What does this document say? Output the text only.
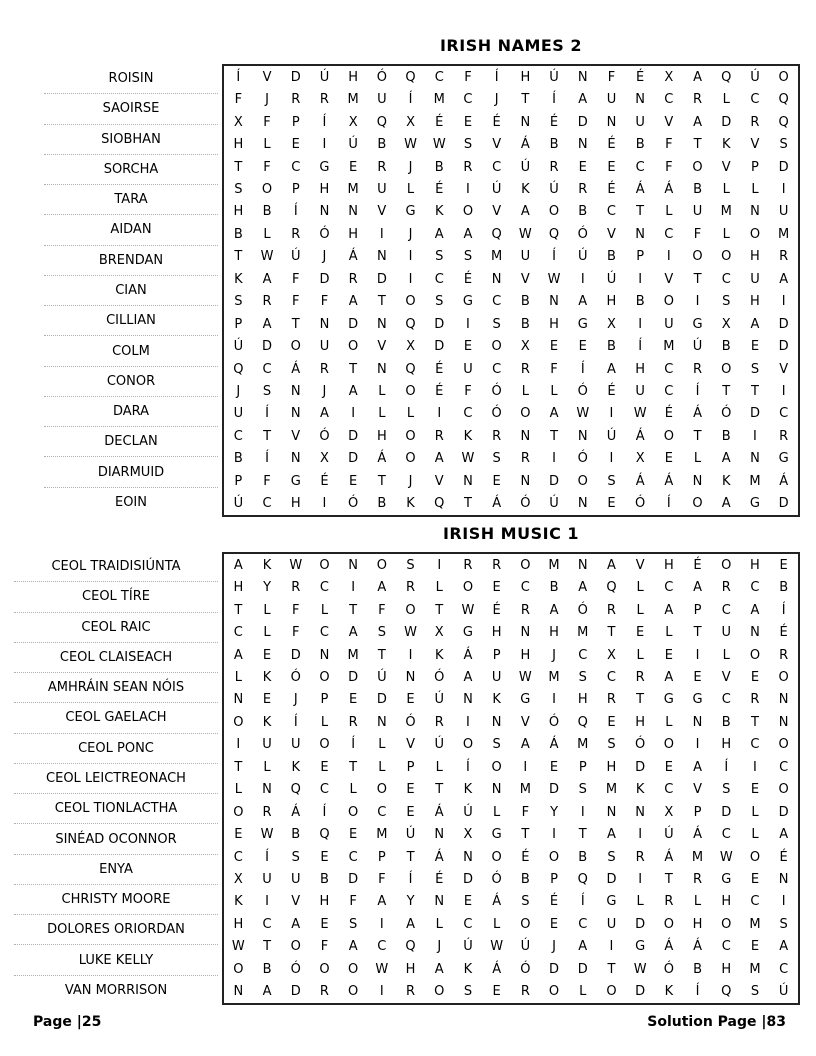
IRISH NAMES 2
ROISIN
SAOIRSE
SIOBHAN
SORCHA
TARA
AIDAN
BRENDAN
CIAN
CILLIAN
COLM
CONOR
DARA
DECLAN
DIARMUID
EOIN
Í	V	D	Ú	H	Ó	Q	C	F	Í	H	Ú	N	F	É	X	A	Q	Ú	O
F	J	R	R	M	U	Í	M	C	J	T	Í	A	U	N	C	R	L	C	Q
X	F	P	Í	X	Q	X	É	E	É	N	É	D	N	U	V	A	D	R	Q
H	L	E	I	Ú	B	W	W	S	V	Á	B	N	É	B	F	T	K	V	S
T	F	C	G	E	R	J	B	R	C	Ú	R	E	E	C	F	O	V	P	D
S	O	P	H	M	U	L	É	I	Ú	K	Ú	R	É	Á	Á	B	L	L	I
H	B	Í	N	N	V	G	K	O	V	A	O	B	C	T	L	U	M	N	U
B	L	R	Ó	H	I	J	A	A	Q	W	Q	Ó	V	N	C	F	L	O	M
T	W	Ú	J	Á	N	I	S	S	M	U	Í	Ú	B	P	I	O	O	H	R
K	A	F	D	R	D	I	C	É	N	V	W	I	Ú	I	V	T	C	U	A
S	R	F	F	A	T	O	S	G	C	B	N	A	H	B	O	I	S	H	I
P	A	T	N	D	N	Q	D	I	S	B	H	G	X	I	U	G	X	A	D
Ú	D	O	U	O	V	X	D	E	O	X	E	E	B	Í	M	Ú	B	E	D
Q	C	Á	R	T	N	Q	É	U	C	R	F	Í	A	H	C	R	O	S	V
J	S	N	J	A	L	O	É	F	Ó	L	L	Ó	É	U	C	Í	T	T	I
U	Í	N	A	I	L	L	I	C	Ó	O	A	W	I	W	É	Á	Ó	D	C
C	T	V	Ó	D	H	O	R	K	R	N	T	N	Ú	Á	O	T	B	I	R
B	Í	N	X	D	Á	O	A	W	S	R	I	Ó	I	X	E	L	A	N	G
P	F	G	É	E	T	J	V	N	E	N	D	O	S	Á	Á	N	K	M	Á
Ú	C	H	I	Ó	B	K	Q	T	Á	Ó	Ú	N	E	Ó	Í	O	A	G	D
IRISH MUSIC 1
CEOL TRAIDISIÚNTA
CEOL TÍRE
CEOL RAIC
CEOL CLAISEACH
AMHRÁIN SEAN NÓIS
CEOL GAELACH
CEOL PONC
CEOL LEICTREONACH
CEOL TIONLACTHA
SINÉAD OCONNOR
ENYA
CHRISTY MOORE
DOLORES ORIORDAN
LUKE KELLY
VAN MORRISON
A	K	W	O	N	O	S	I	R	R	O	M	N	A	V	H	É	O	H	E
H	Y	R	C	I	A	R	L	O	E	C	B	A	Q	L	C	A	R	C	B
T	L	F	L	T	F	O	T	W	É	R	A	Ó	R	L	A	P	C	A	Í
C	L	F	C	A	S	W	X	G	H	N	H	M	T	E	L	T	U	N	É
A	E	D	N	M	T	I	K	Á	P	H	J	C	X	L	E	I	L	O	R
L	K	Ó	O	D	Ú	N	Ó	A	U	W	M	S	C	R	A	E	V	E	O
N	E	J	P	E	D	E	Ú	N	K	G	I	H	R	T	G	G	C	R	N
O	K	Í	L	R	N	Ó	R	I	N	V	Ó	Q	E	H	L	N	B	T	N
I	U	U	O	Í	L	V	Ú	O	S	A	Á	M	S	Ó	O	I	H	C	O
T	L	K	E	T	L	P	L	Í	O	I	E	P	H	D	E	A	Í	I	C
L	N	Q	C	L	O	E	T	K	N	M	D	S	M	K	C	V	S	E	O
O	R	Á	Í	O	C	E	Á	Ú	L	F	Y	I	N	N	X	P	D	L	D
E	W	B	Q	E	M	Ú	N	X	G	T	I	T	A	I	Ú	Á	C	L	A
C	Í	S	E	C	P	T	Á	N	O	É	O	B	S	R	Á	M	W	O	É
X	U	U	B	D	F	Í	É	D	Ó	B	P	Q	D	I	T	R	G	E	N
K	I	V	H	F	A	Y	N	E	Á	S	É	Í	G	L	R	L	H	C	I
H	C	A	E	S	I	A	L	C	L	O	E	C	U	D	O	H	O	M	S
W	T	O	F	A	C	Q	J	Ú	W	Ú	J	A	I	G	Á	Á	C	E	A
O	B	Ó	O	O	W	H	A	K	Á	Ó	D	D	T	W	Ó	B	H	M	C
N	A	D	R	O	I	R	O	S	E	R	O	L	O	D	K	Í	Q	S	Ú
Page |25	Solution Page |83
